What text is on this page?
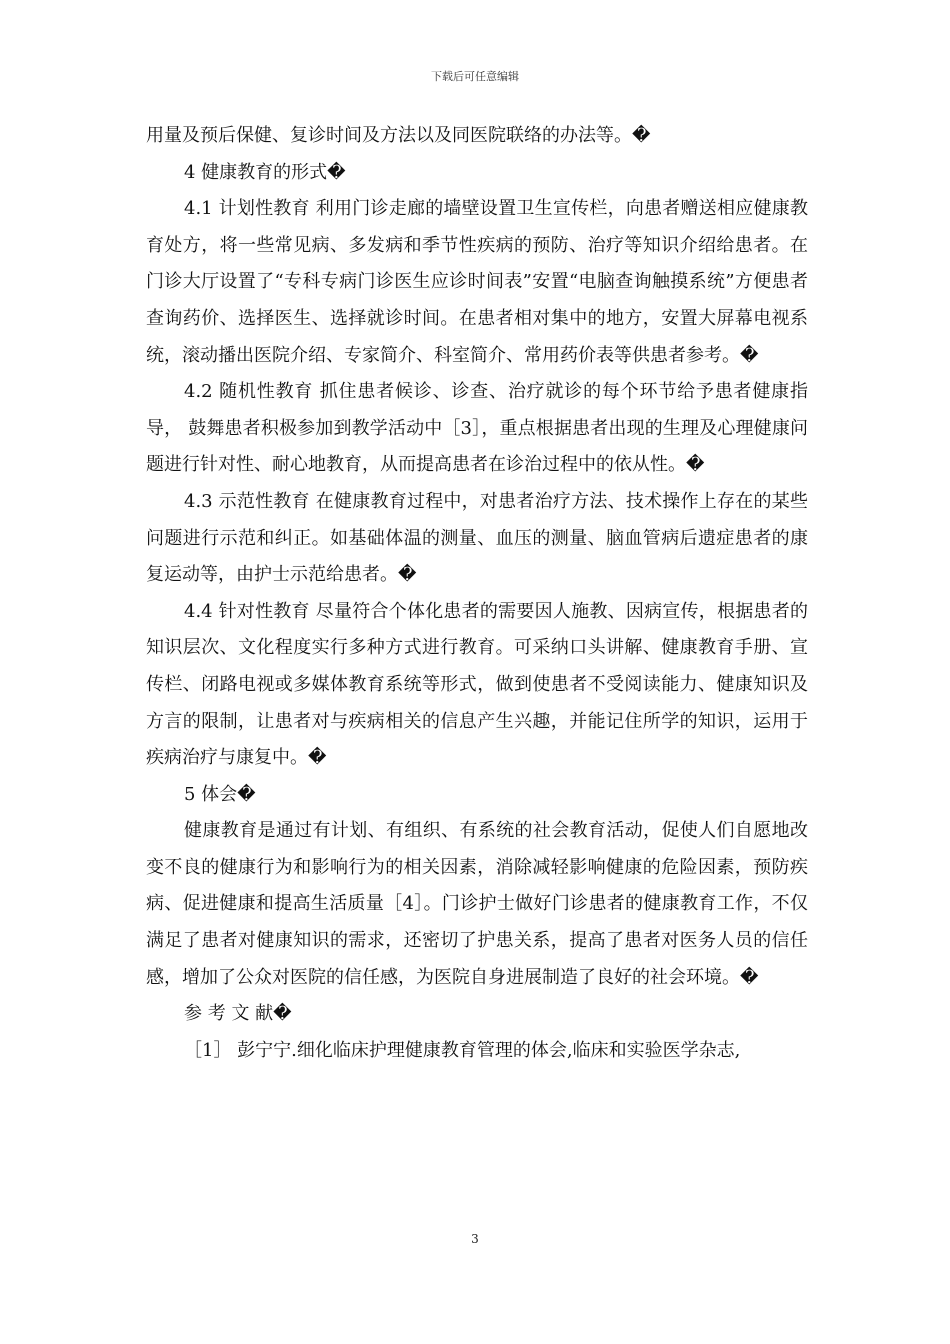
下载后可任意编辑

用量及预后保健、复诊时间及方法以及同医院联络的办法等。�

4 健康教育的形式�

4.1 计划性教育 利用门诊走廊的墙壁设置卫生宣传栏，向患者赠送相应健康教育处方，将一些常见病、多发病和季节性疾病的预防、治疗等知识介绍给患者。在门诊大厅设置了“专科专病门诊医生应诊时间表”安置“电脑查询触摸系统”方便患者查询药价、选择医生、选择就诊时间。在患者相对集中的地方，安置大屏幕电视系统，滚动播出医院介绍、专家简介、科室简介、常用药价表等供患者参考。�

4.2 随机性教育 抓住患者候诊、诊查、治疗就诊的每个环节给予患者健康指导， 鼓舞患者积极参加到教学活动中［3］，重点根据患者出现的生理及心理健康问题进行针对性、耐心地教育，从而提高患者在诊治过程中的依从性。�

4.3 示范性教育 在健康教育过程中，对患者治疗方法、技术操作上存在的某些问题进行示范和纠正。如基础体温的测量、血压的测量、脑血管病后遗症患者的康复运动等，由护士示范给患者。�

4.4 针对性教育 尽量符合个体化患者的需要因人施教、因病宣传，根据患者的知识层次、文化程度实行多种方式进行教育。可采纳口头讲解、健康教育手册、宣传栏、闭路电视或多媒体教育系统等形式，做到使患者不受阅读能力、健康知识及方言的限制，让患者对与疾病相关的信息产生兴趣，并能记住所学的知识，运用于疾病治疗与康复中。�

5 体会�

健康教育是通过有计划、有组织、有系统的社会教育活动，促使人们自愿地改变不良的健康行为和影响行为的相关因素，消除减轻影响健康的危险因素，预防疾病、促进健康和提高生活质量［4］。门诊护士做好门诊患者的健康教育工作，不仅满足了患者对健康知识的需求，还密切了护患关系，提高了患者对医务人员的信任感，增加了公众对医院的信任感，为医院自身进展制造了良好的社会环境。�

参 考 文 献�

［1］ 彭宁宁.细化临床护理健康教育管理的体会,临床和实验医学杂志,

3
